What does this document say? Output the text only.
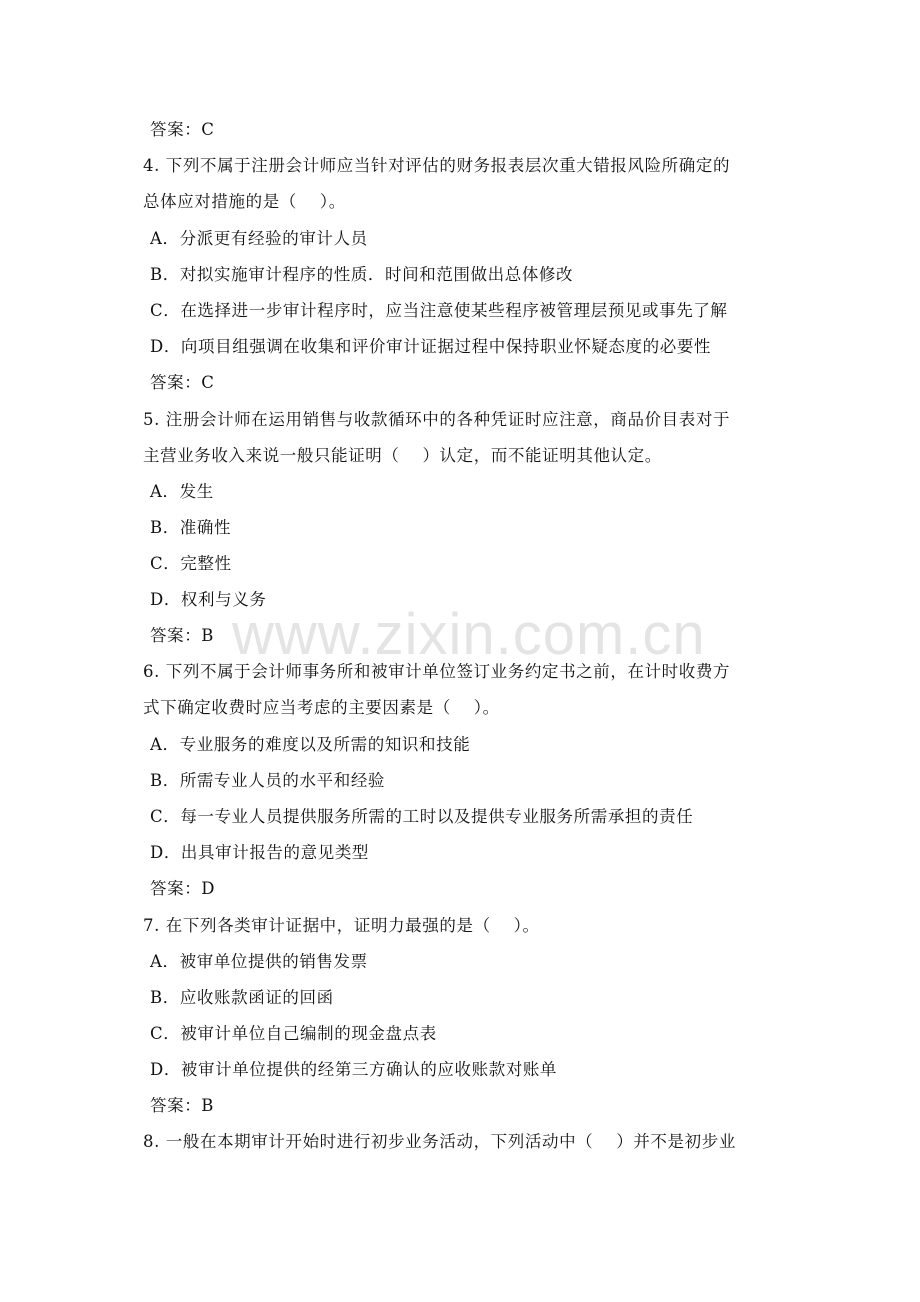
www.zixin.com.cn
答案：C
4. 下列不属于注册会计师应当针对评估的财务报表层次重大错报风险所确定的
总体应对措施的是（　 ）。
A．分派更有经验的审计人员
B．对拟实施审计程序的性质．时间和范围做出总体修改
C．在选择进一步审计程序时，应当注意使某些程序被管理层预见或事先了解
D．向项目组强调在收集和评价审计证据过程中保持职业怀疑态度的必要性
答案：C
5. 注册会计师在运用销售与收款循环中的各种凭证时应注意，商品价目表对于
主营业务收入来说一般只能证明（　 ）认定，而不能证明其他认定。
A．发生
B．准确性
C．完整性
D．权利与义务
答案：B
6. 下列不属于会计师事务所和被审计单位签订业务约定书之前，在计时收费方
式下确定收费时应当考虑的主要因素是（　 ）。
A．专业服务的难度以及所需的知识和技能
B．所需专业人员的水平和经验
C．每一专业人员提供服务所需的工时以及提供专业服务所需承担的责任
D．出具审计报告的意见类型
答案：D
7. 在下列各类审计证据中，证明力最强的是（　 ）。
A．被审单位提供的销售发票
B．应收账款函证的回函
C．被审计单位自己编制的现金盘点表
D．被审计单位提供的经第三方确认的应收账款对账单
答案：B
8. 一般在本期审计开始时进行初步业务活动，下列活动中（　 ）并不是初步业
